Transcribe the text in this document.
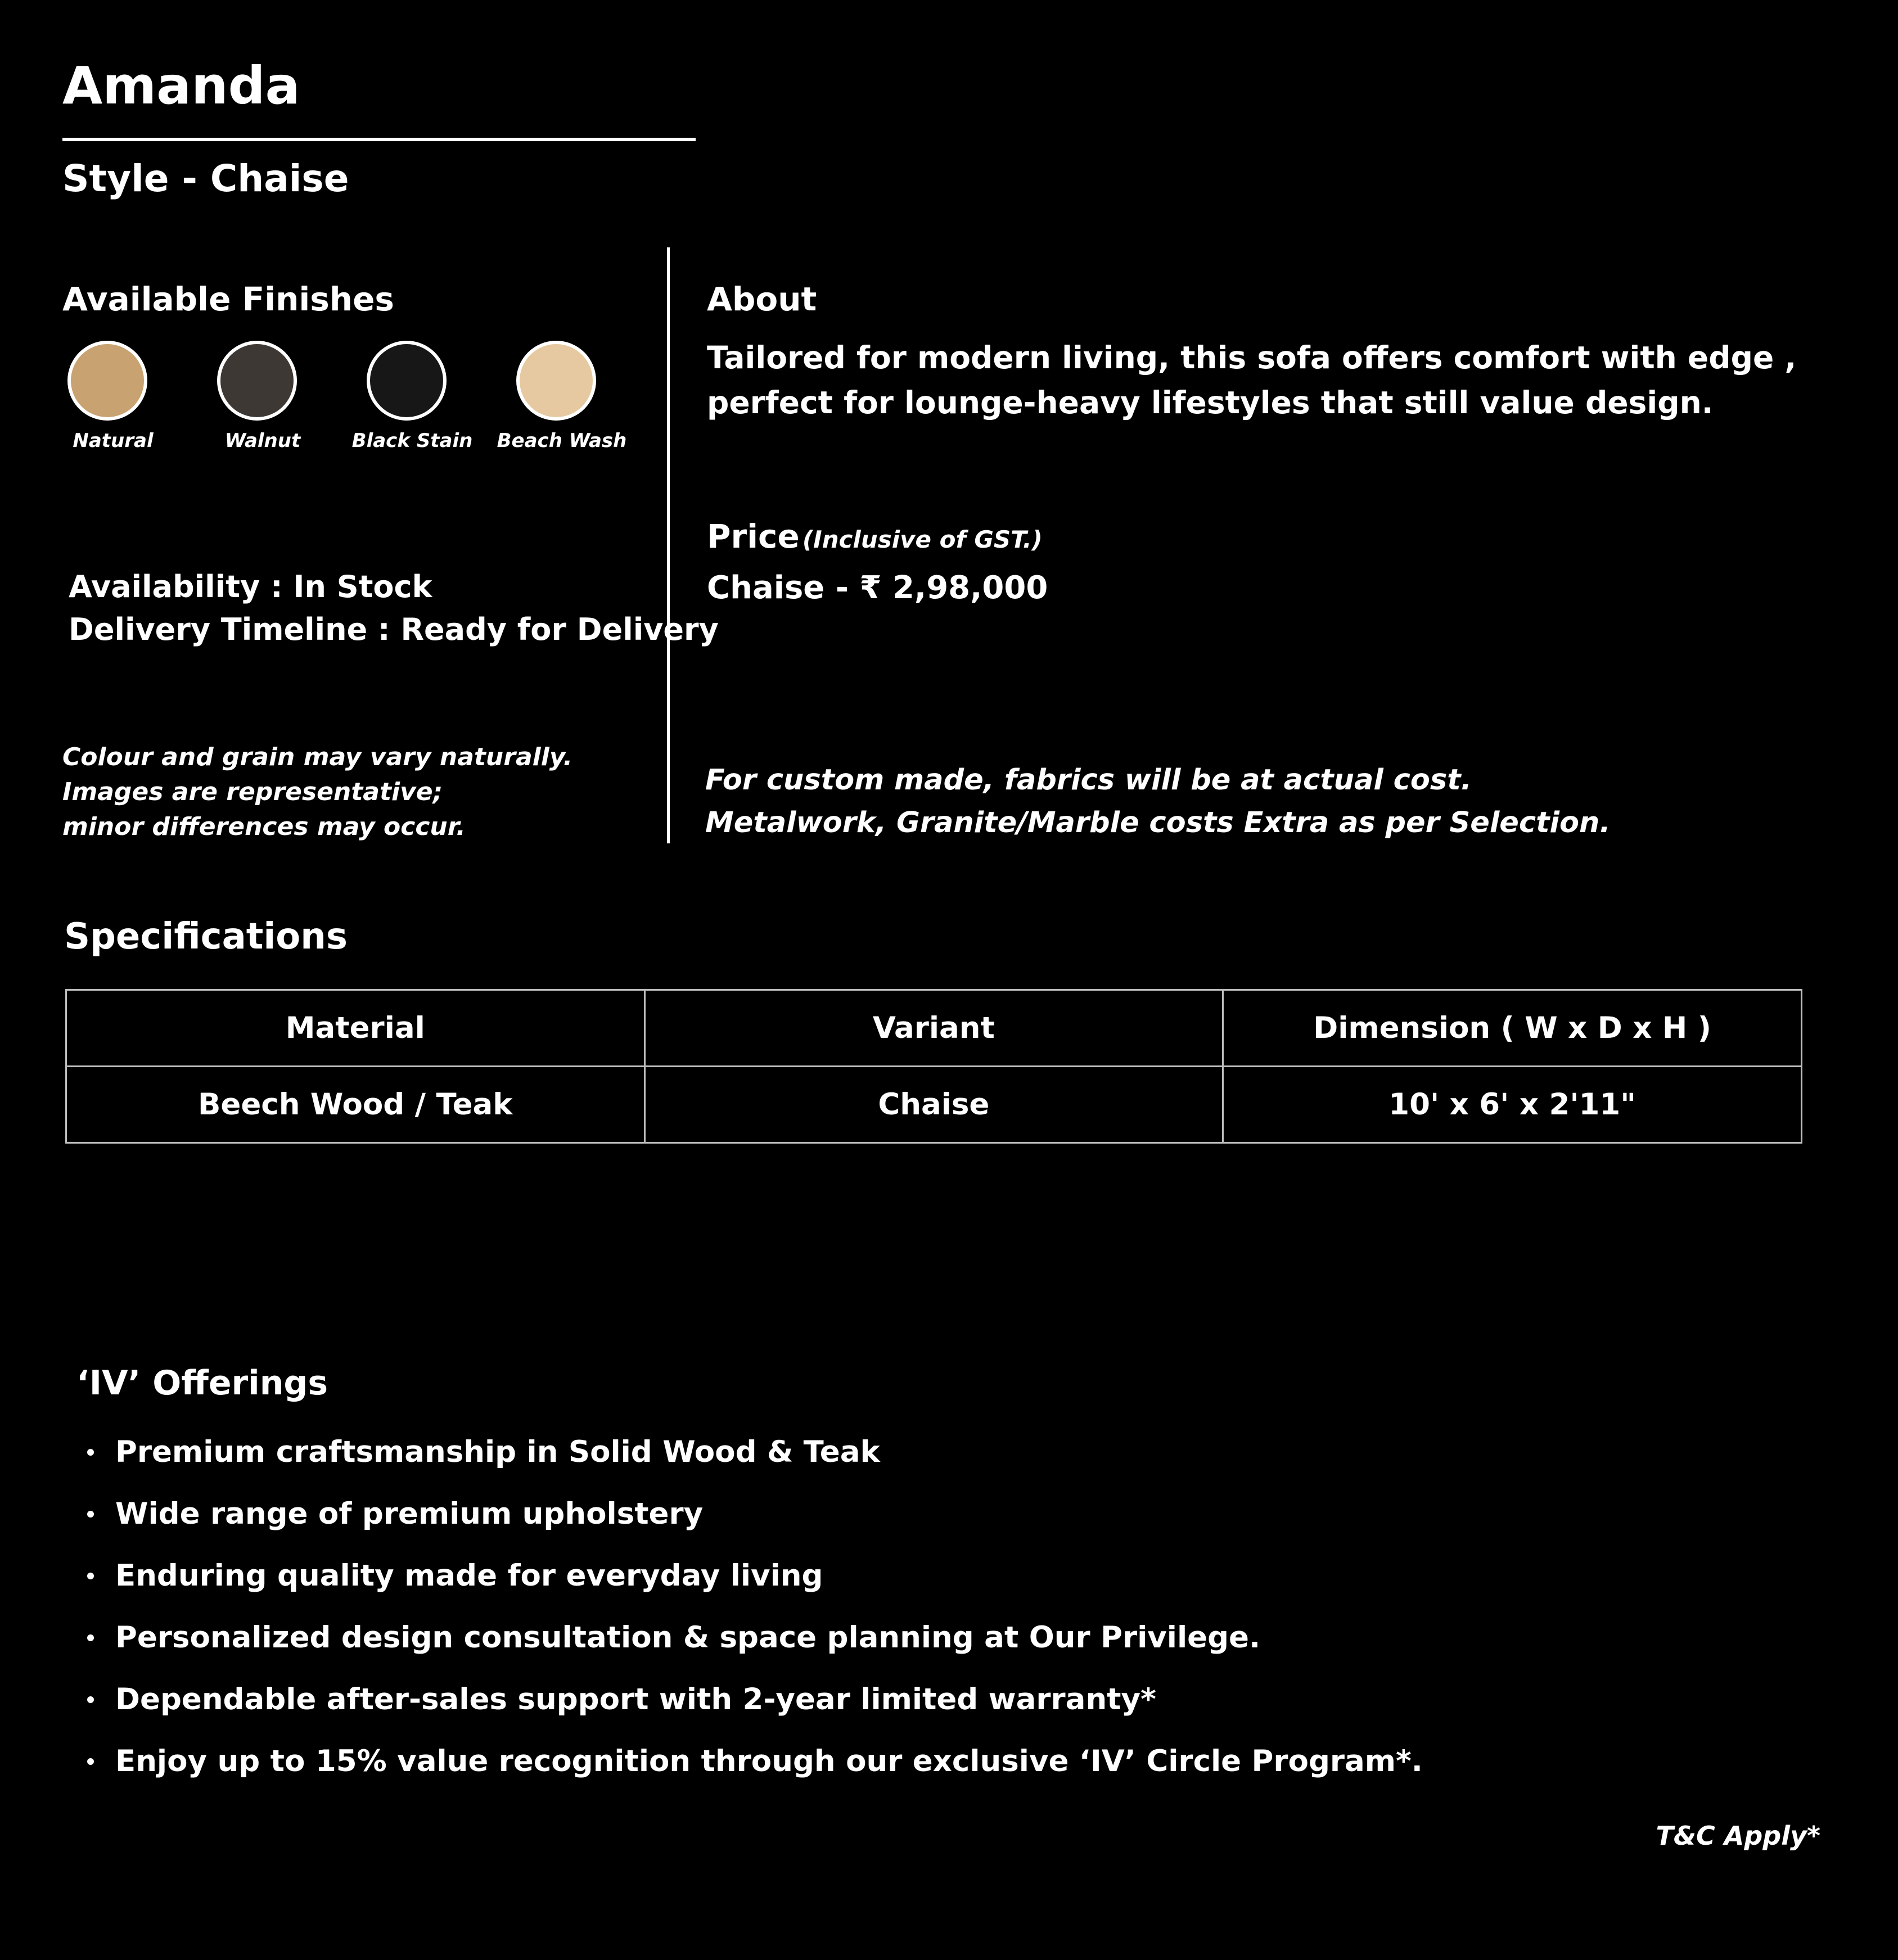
Amanda
Style - Chaise
Available Finishes
Natural	Walnut	Black Stain	Beach Wash
Availability : In Stock
Delivery Timeline : Ready for Delivery
Colour and grain may vary naturally.
Images are representative;
minor differences may occur.
About
Tailored for modern living, this sofa offers comfort with edge ,
perfect for lounge-heavy lifestyles that still value design.
Price (Inclusive of GST.)
Chaise - ₹ 2,98,000
For custom made, fabrics will be at actual cost.
Metalwork, Granite/Marble costs Extra as per Selection.
Specifications
Material	Variant	Dimension ( W x D x H )
Beech Wood / Teak	Chaise	10' x 6' x 2'11"
‘IV’ Offerings
Premium craftsmanship in Solid Wood & Teak
Wide range of premium upholstery
Enduring quality made for everyday living
Personalized design consultation & space planning at Our Privilege.
Dependable after-sales support with 2-year limited warranty*
Enjoy up to 15% value recognition through our exclusive ‘IV’ Circle Program*.
T&C Apply*
